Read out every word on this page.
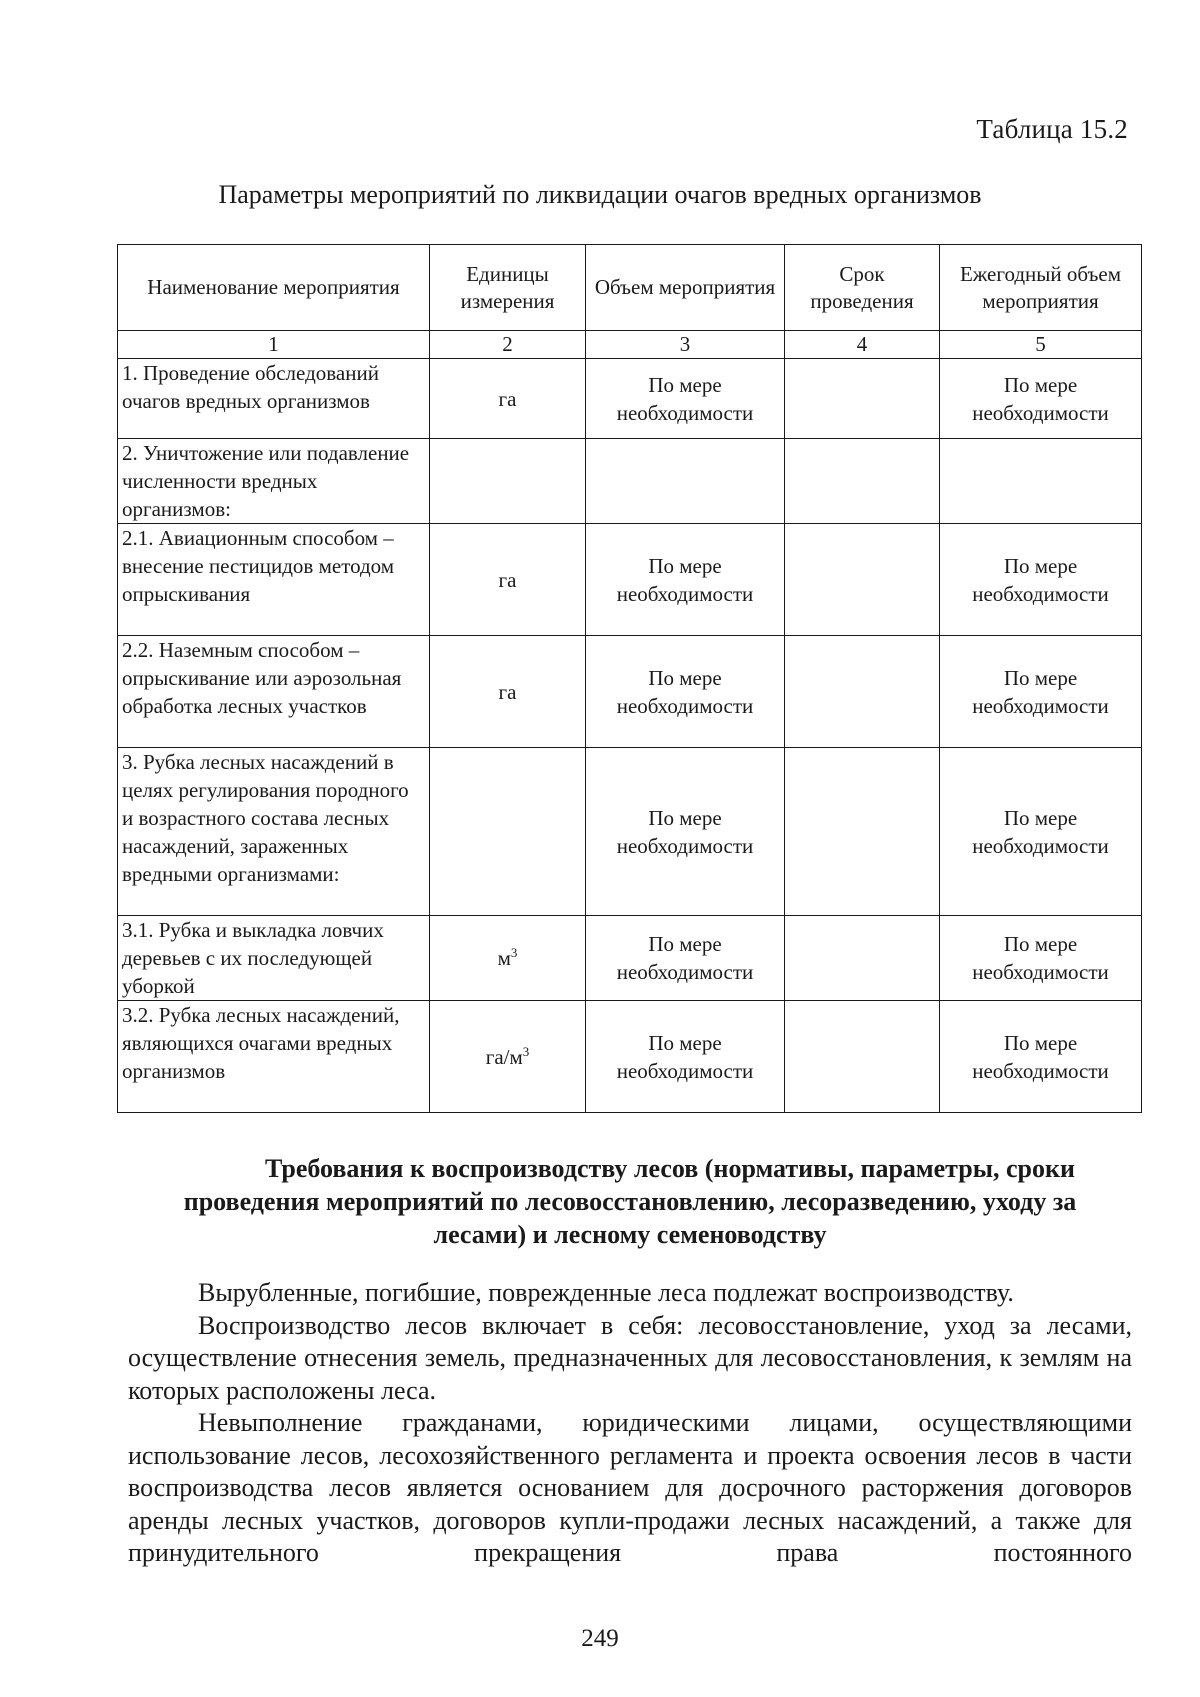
Таблица 15.2
Параметры мероприятий по ликвидации очагов вредных организмов
Наименование мероприятия	Единицы измерения	Объем мероприятия	Срок проведения	Ежегодный объем мероприятия
1	2	3	4	5
1. Проведение обследований очагов вредных организмов	га	По мере необходимости		По мере необходимости
2. Уничтожение или подавление численности вредных организмов:				
2.1. Авиационным способом – внесение пестицидов методом опрыскивания	га	По мере необходимости		По мере необходимости
2.2. Наземным способом – опрыскивание или аэрозольная обработка лесных участков	га	По мере необходимости		По мере необходимости
3. Рубка лесных насаждений в целях регулирования породного и возрастного состава лесных насаждений, зараженных вредными организмами:		По мере необходимости		По мере необходимости
3.1. Рубка и выкладка ловчих деревьев с их последующей уборкой	$м^3$	По мере необходимости		По мере необходимости
3.2. Рубка лесных насаждений, являющихся очагами вредных организмов	$га/м^3$	По мере необходимости		По мере необходимости
Требования к воспроизводству лесов (нормативы, параметры, сроки
проведения мероприятий по лесовосстановлению, лесоразведению, уходу за
лесами) и лесному семеноводству

Вырубленные, погибшие, поврежденные леса подлежат воспроизводству.

Воспроизводство лесов включает в себя: лесовосстановление, уход за лесами, осуществление отнесения земель, предназначенных для лесовосстановления, к землям на которых расположены леса.

Невыполнение гражданами, юридическими лицами, осуществляющими использование лесов, лесохозяйственного регламента и проекта освоения лесов в части воспроизводства лесов является основанием для досрочного расторжения договоров аренды лесных участков, договоров купли-продажи лесных насаждений, а также для принудительного прекращения права постоянного

249
